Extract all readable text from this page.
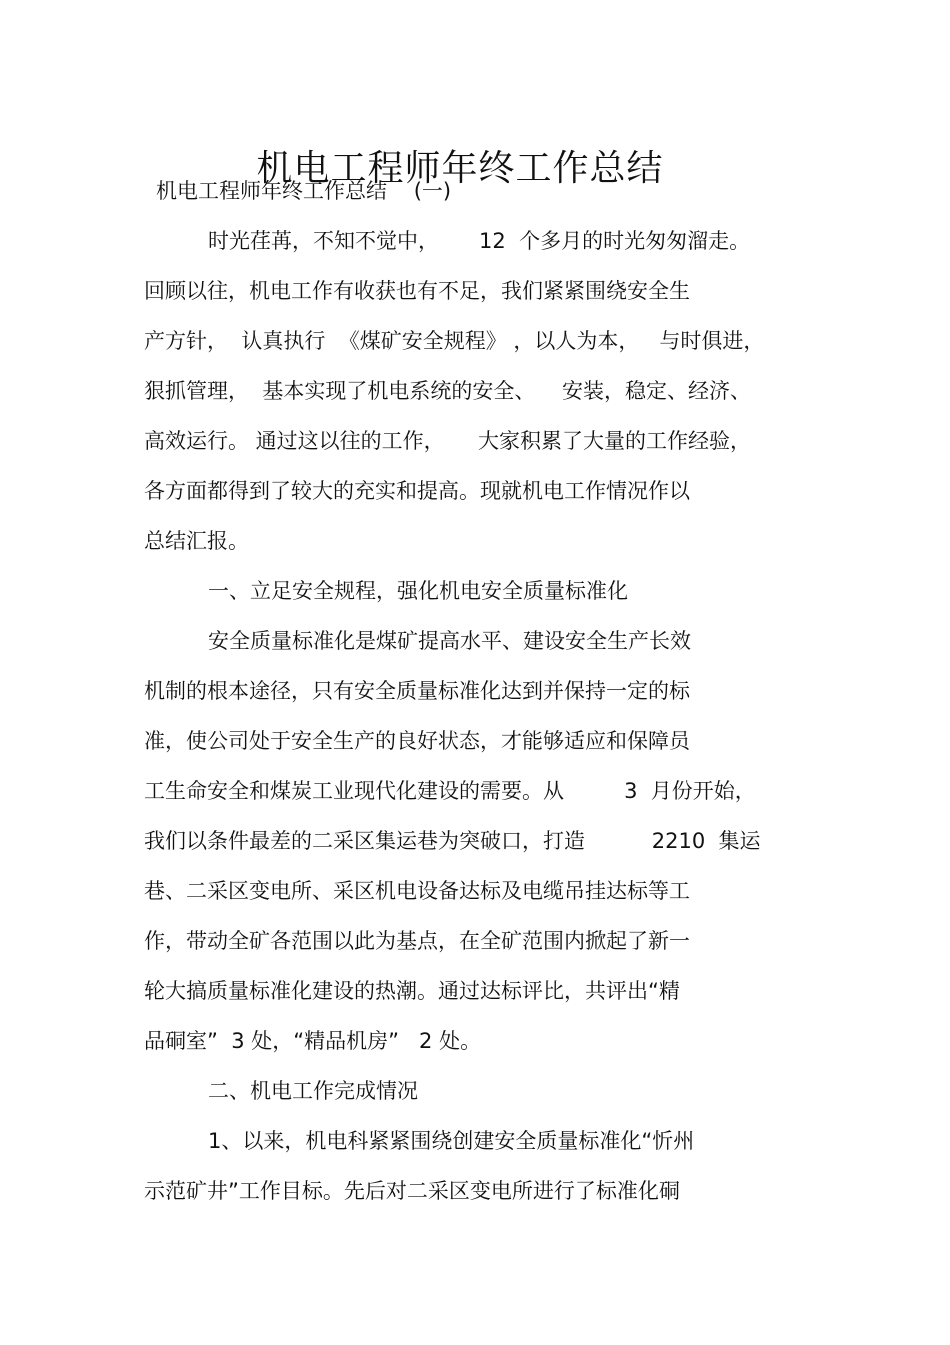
机电工程师年终工作总结
机电工程师年终工作总结    (一)
时光荏苒，不知不觉中，      12  个多月的时光匆匆溜走。
回顾以往，机电工作有收获也有不足，我们紧紧围绕安全生
产方针，  认真执行  《煤矿安全规程》 ，以人为本，   与时俱进，
狠抓管理，  基本实现了机电系统的安全、    安装，稳定、经济、
高效运行。 通过这以往的工作，     大家积累了大量的工作经验，
各方面都得到了较大的充实和提高。现就机电工作情况作以
总结汇报。
一、立足安全规程，强化机电安全质量标准化
安全质量标准化是煤矿提高水平、建设安全生产长效
机制的根本途径，只有安全质量标准化达到并保持一定的标
准，使公司处于安全生产的良好状态，才能够适应和保障员
工生命安全和煤炭工业现代化建设的需要。从         3  月份开始，
我们以条件最差的二采区集运巷为突破口，打造          2210  集运
巷、二采区变电所、采区机电设备达标及电缆吊挂达标等工
作，带动全矿各范围以此为基点，在全矿范围内掀起了新一
轮大搞质量标准化建设的热潮。通过达标评比，共评出“精
品硐室”  3 处，“精品机房”   2 处。
二、机电工作完成情况
1、以来，机电科紧紧围绕创建安全质量标准化“忻州
示范矿井”工作目标。先后对二采区变电所进行了标准化硐
